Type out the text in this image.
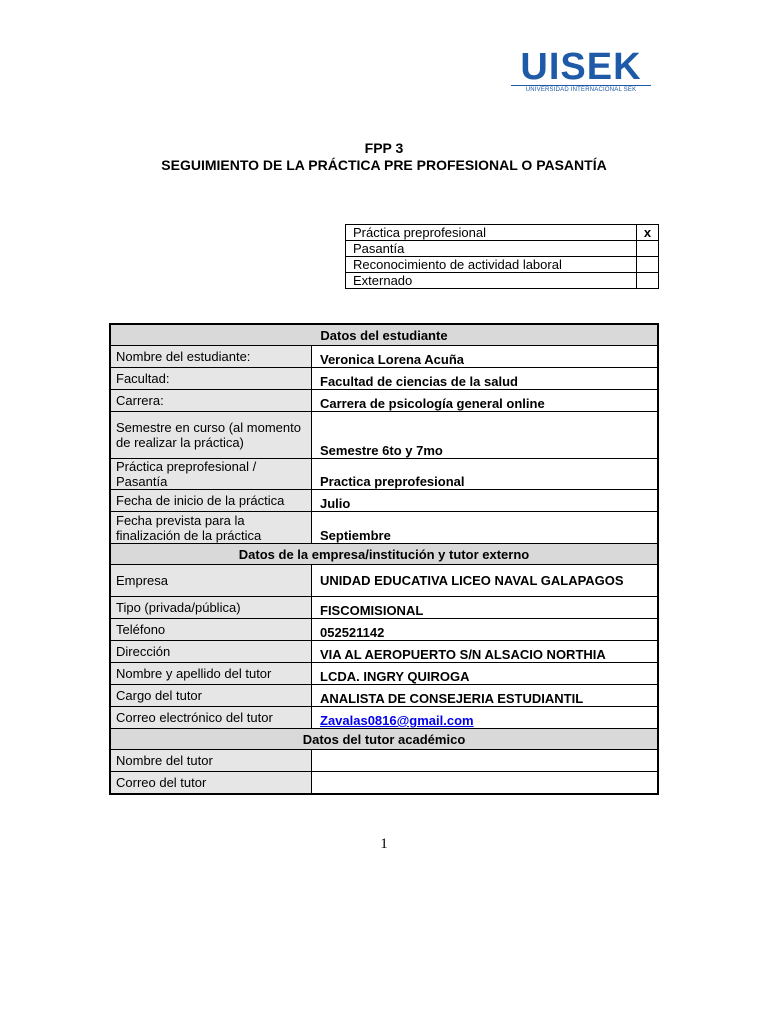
UISEK
UNIVERSIDAD INTERNACIONAL SEK
FPP 3
SEGUIMIENTO DE LA PRÁCTICA PRE PROFESIONAL O PASANTÍA
Práctica preprofesional	x
Pasantía	
Reconocimiento de actividad laboral	
Externado	
Datos del estudiante	
Nombre del estudiante:	Veronica Lorena Acuña
Facultad:	Facultad de ciencias de la salud
Carrera:	Carrera de psicología general online
Semestre en curso (al momento de realizar la práctica)	Semestre 6to y 7mo
Práctica preprofesional / Pasantía	Practica preprofesional
Fecha de inicio de la práctica	Julio
Fecha prevista para la finalización de la práctica	Septiembre
Datos de la empresa/institución y tutor externo	
Empresa	UNIDAD EDUCATIVA LICEO NAVAL GALAPAGOS
Tipo (privada/pública)	FISCOMISIONAL
Teléfono	052521142
Dirección	VIA AL AEROPUERTO S/N ALSACIO NORTHIA
Nombre y apellido del tutor	LCDA. INGRY QUIROGA
Cargo del tutor	ANALISTA DE CONSEJERIA ESTUDIANTIL
Correo electrónico del tutor	Zavalas0816@gmail.com
Datos del tutor académico	
Nombre del tutor	
Correo del tutor	
1
